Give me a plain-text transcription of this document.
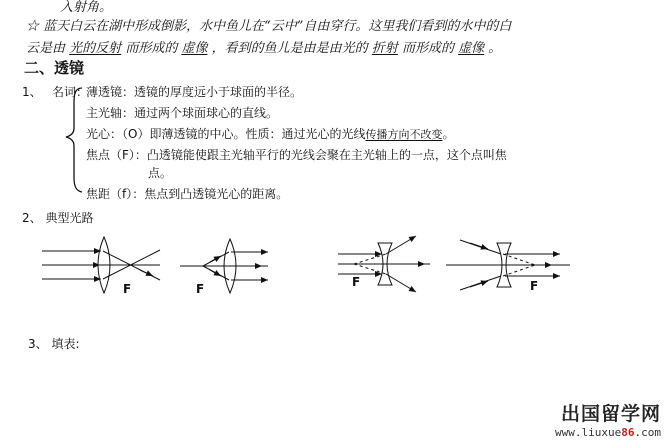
入射角。
☆ 蓝天白云在湖中形成倒影，水中鱼儿在“云中”自由穿行。这里我们看到的水中的白
云是由 光的反射 而形成的 虚像 ，看到的鱼儿是由是由光的 折射 而形成的 虚像 。
二、透镜
1、 名词：
薄透镜：透镜的厚度远小于球面的半径。
主光轴：通过两个球面球心的直线。
光心：（O）即薄透镜的中心。性质：通过光心的光线传播方向不改变。
焦点（F）：凸透镜能使跟主光轴平行的光线会聚在主光轴上的一点，这个点叫焦
点。
焦距（f）：焦点到凸透镜光心的距离。
2、 典型光路
3、 填表:
F	F	F	F
出国留学网
www.liuxue86.com
